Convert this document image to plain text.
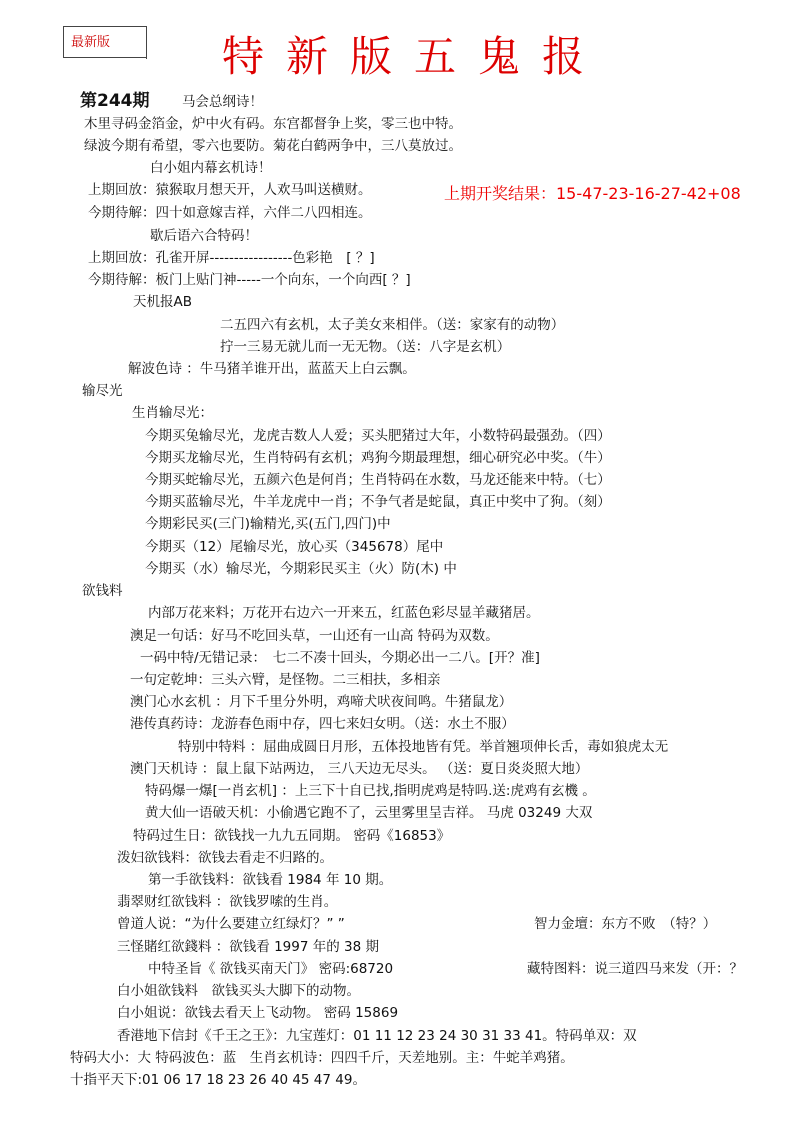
最新版	特新版五鬼报
第244期
上期开奖结果：15-47-23-16-27-42+08
马会总纲诗！
木里寻码金箔金，炉中火有码。东宫都督争上奖，零三也中特。
绿波今期有希望，零六也要防。菊花白鹤两争中，三八莫放过。
白小姐内幕玄机诗！
上期回放：猿猴取月想天开，人欢马叫送横财。
今期待解：四十如意嫁吉祥，六伴二八四相连。
歇后语六合特码！
上期回放：孔雀开屏-----------------色彩艳　[ ？]
今期待解：板门上贴门神-----一个向东，一个向西[ ？]
天机报AB
二五四六有玄机，太子美女来相伴。（送：家家有的动物）
拧一三易无就儿而一无无物。（送：八字是玄机）
解波色诗 ：牛马猪羊谁开出，蓝蓝天上白云飘。
输尽光
生肖输尽光：
今期买兔输尽光，龙虎吉数人人爱；买头肥猪过大年，小数特码最强劲。（四）
今期买龙输尽光，生肖特码有玄机；鸡狗今期最理想，细心研究必中奖。（牛）
今期买蛇输尽光，五颜六色是何肖；生肖特码在水数，马龙还能来中特。（七）
今期买蓝输尽光，牛羊龙虎中一肖；不争气者是蛇鼠，真正中奖中了狗。（刻）
今期彩民买(三门)输精光,买(五门,四门)中
今期买（12）尾输尽光，放心买（345678）尾中
今期买（水）输尽光，今期彩民买主（火）防(木) 中
欲钱料
内部万花来料；万花开右边六一开来五，红蓝色彩尽显羊藏猪居。
澳足一句话：好马不吃回头草，一山还有一山高 特码为双数。
一码中特/无错记录：　七二不凑十回头，今期必出一二八。[开？准]
一句定乾坤：三头六臂，是怪物。二三相扶，多相亲
澳门心水玄机 ：月下千里分外明，鸡啼犬吠夜间鸣。牛猪鼠龙）
港传真药诗：龙游春色雨中存，四七来妇女明。（送：水土不服）
特别中特料 ：屈曲成圆日月形，五体投地皆有凭。举首翘项伸长舌，毒如狼虎太无
澳门天机诗 ：鼠上鼠下站两边， 三八天边无尽头。 （送：夏日炎炎照大地）
特码爆一爆[一肖玄机] ：上三下十自已找,指明虎鸡是特吗.送:虎鸡有玄機 。
黄大仙一语破天机：小偷遇它跑不了，云里雾里呈吉祥。 马虎 03249 大双
特码过生日：欲钱找一九九五同期。 密码《16853》
泼妇欲钱料：欲钱去看走不归路的。
第一手欲钱料：欲钱看 1984 年 10 期。
翡翠财红欲钱料 ：欲钱罗嗦的生肖。
曾道人说：“为什么要建立红绿灯？” ”	智力金壇：东方不败　（特？）
三怪賭红欲錢料 ：欲钱看 1997 年的 38 期
中特圣旨《 欲钱买南天门》 密码:68720	藏特图料：说三道四马来发（开：？
白小姐欲钱料　欲钱买头大脚下的动物。
白小姐说：欲钱去看天上飞动物。 密码 15869
香港地下信封《千王之王》：九宝莲灯：01 11 12 23 24 30 31 33 41。特码单双：双
特码大小：大 特码波色：蓝　生肖玄机诗：四四千斤，天差地别。主：牛蛇羊鸡猪。
十指平天下:01 06 17 18 23 26 40 45 47 49。
